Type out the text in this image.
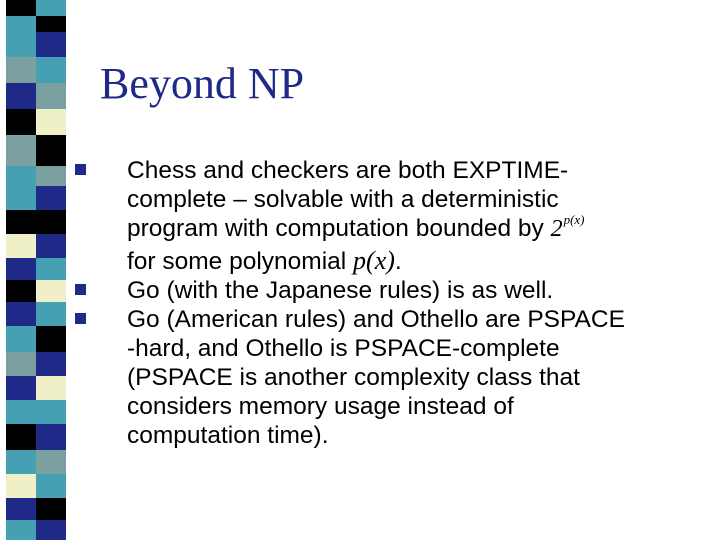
Beyond NP
Chess and checkers are both EXPTIME-
complete – solvable with a deterministic
program with computation bounded by $2^{p(x)}$
for some polynomial p(x).
Go (with the Japanese rules) is as well.
Go (American rules) and Othello are PSPACE
-hard, and Othello is PSPACE-complete
(PSPACE is another complexity class that
considers memory usage instead of
computation time).
